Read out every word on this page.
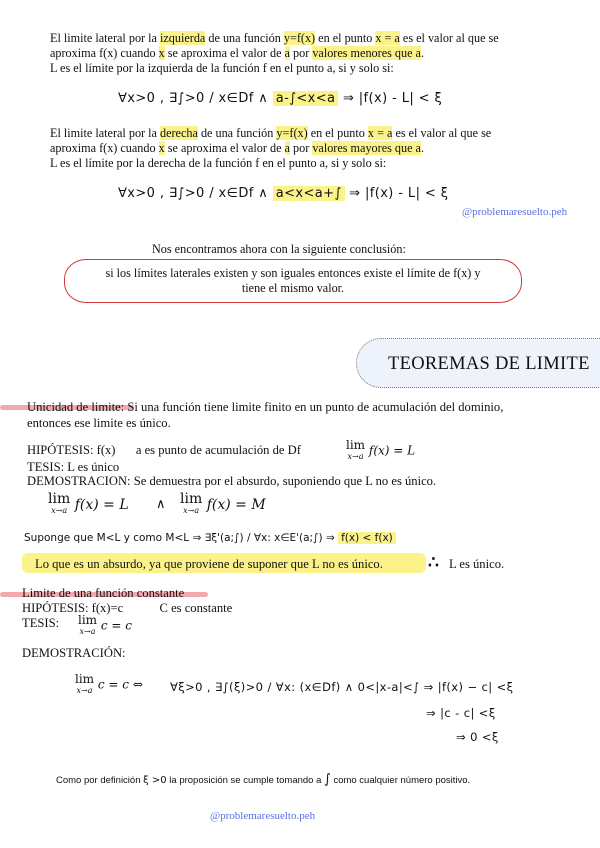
El limite lateral por la izquierda de una función y=f(x) en el punto x = a es el valor al que se
aproxima f(x) cuando x se aproxima el valor de a por valores menores que a.
L es el límite por la izquierda de la función f en el punto a, si y solo si:
∀x>0 , ∃∫>0 / x∈Df ∧ a-∫<x<a ⇒ |f(x) - L| < ξ
El limite lateral por la derecha de una función y=f(x) en el punto x = a es el valor al que se
aproxima f(x) cuando x se aproxima el valor de a por valores mayores que a.
L es el límite por la derecha de la función f en el punto a, si y solo si:
∀x>0 , ∃∫>0 / x∈Df ∧ a<x<a+∫ ⇒ |f(x) - L| < ξ
@problemaresuelto.peh
Nos encontramos ahora con la siguiente conclusión:
si los límites laterales existen y son iguales entonces existe el límite de f(x) y
tiene el mismo valor.
TEOREMAS DE LIMITE
Unicidad de limite: Si una función tiene limite finito en un punto de acumulación del dominio,
entonces ese limite es único.
HIPÓTESIS: f(x) a es punto de acumulación de Df	lim
x→a f(x) = L
TESIS: L es único
DEMOSTRACION: Se demuestra por el absurdo, suponiendo que L no es único.
lim
x→a f(x) = L ∧ lim
x→a f(x) = M
Suponge que M<L y como M<L ⇒ ∃ξ'(a;∫) / ∀x: x∈E'(a;∫) ⇒ f(x) < f(x)
Lo que es un absurdo, ya que proviene de suponer que L no es único.	∴ L es único.
Limite de una función constante
HIPÓTESIS: f(x)=c	C es constante
TESIS: lim
x→a c = c
DEMOSTRACIÓN:
lim
x→a c = c ⇔ ∀ξ>0 , ∃∫(ξ)>0 / ∀x: (x∈Df) ∧ 0<|x-a|<∫ ⇒ |f(x) − c| <ξ
⇒ |c - c| <ξ
⇒ 0 <ξ
Como por definición ξ >0 la proposición se cumple tomando a ∫ como cualquier número positivo.
@problemaresuelto.peh
